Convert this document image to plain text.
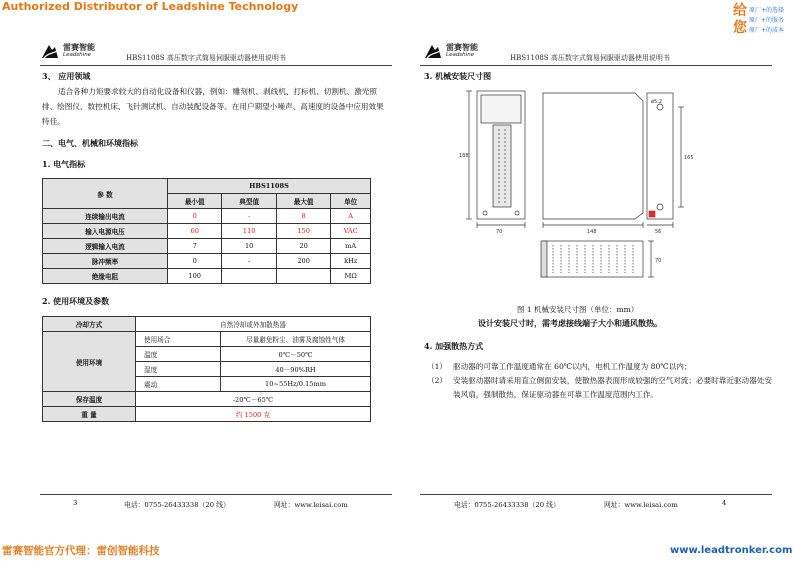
Authorized Distributor of Leadshine Technology	给
您
原厂+的选择
原厂+的服务
原厂+的成本
雷赛智能
Leadshine	HBS1108S 高压数字式简易伺服驱动器使用说明书
3、 应用领域
适合各种力矩要求较大的自动化设备和仪器，例如：雕刻机、剥线机、打标机、切割机、激光照排、绘图仪、数控机床、飞针测试机、自动装配设备等。在用户期望小噪声、高速度的设备中应用效果特佳。
二、电气、机械和环境指标
1. 电气指标
参 数	HBS1108S			
	最小值	典型值	最大值	单位
连续输出电流	0	-	8	A
输入电源电压	60	110	150	VAC
逻辑输入电流	7	10	20	mA
脉冲频率	0	-	200	kHz
绝缘电阻	100			MΩ
2. 使用环境及参数
冷却方式	自然冷却或外加散热器	
使用环境	使用场合	尽量避免粉尘、油雾及腐蚀性气体
	温度	0℃－50℃
	湿度	40－90%RH
	震动	10~55Hz/0.15mm
保存温度	-20℃－65℃	
重 量	约 1500 克	
3	电话：0755-26433338（20 线）	网址：www.leisai.com
雷赛智能
Leadshine	HBS1108S 高压数字式简易伺服驱动器使用说明书
3. 机械安装尺寸图
70
188
148	56
165
70
ø5.2
图 1 机械安装尺寸图（单位：mm）
设计安装尺寸时，需考虑接线端子大小和通风散热。
4. 加强散热方式
（1） 驱动器的可靠工作温度通常在 60℃以内，电机工作温度为 80℃以内；
（2） 安装驱动器时请采用直立侧面安装，使散热器表面形成较强的空气对流；必要时靠近驱动器处安装风扇，强制散热，保证驱动器在可靠工作温度范围内工作。
电话：0755-26433338（20 线）	网址：www.leisai.com	4
雷赛智能官方代理：雷创智能科技	www.leadtronker.com
